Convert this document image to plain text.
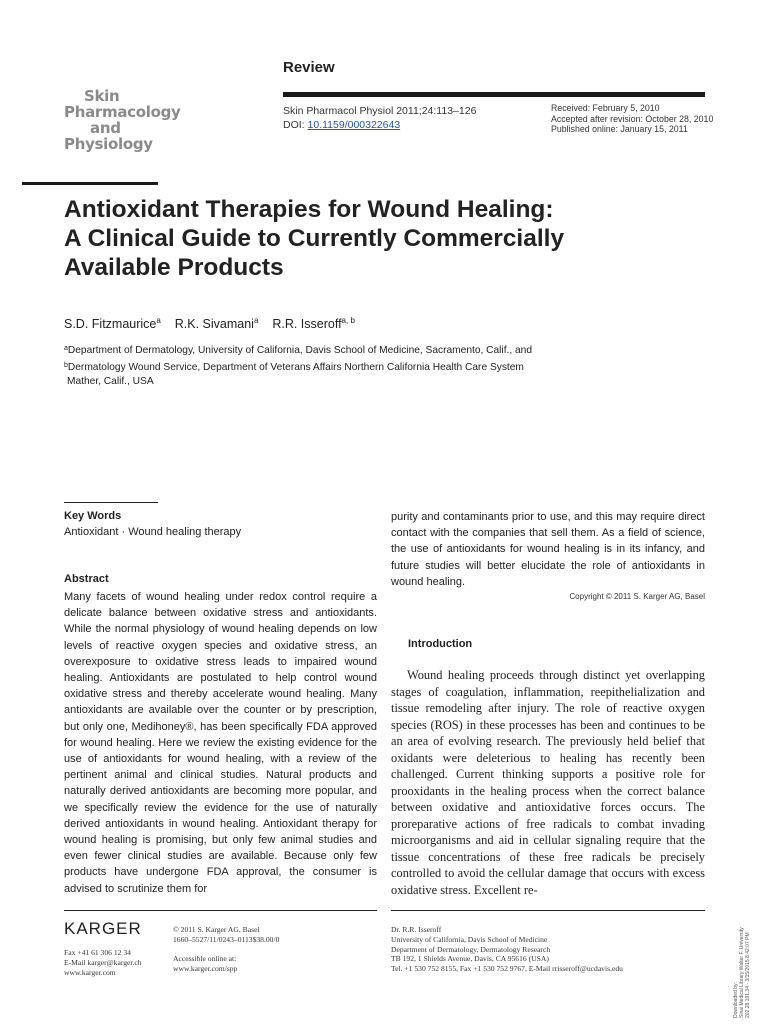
Skin
Pharmacology
and
Physiology
Review
Skin Pharmacol Physiol 2011;24:113–126
DOI: 10.1159/000322643
Received: February 5, 2010
Accepted after revision: October 28, 2010
Published online: January 15, 2011
Antioxidant Therapies for Wound Healing:
A Clinical Guide to Currently Commercially
Available Products
S.D. Fitzmaurice$^a$ R.K. Sivamani$^a$ R.R. Isseroff$^{a, b}$
$^a$Department of Dermatology, University of California, Davis School of Medicine, Sacramento, Calif., and
$^b$Dermatology Wound Service, Department of Veterans Affairs Northern California Health Care System
Mather, Calif., USA
Key Words
Antioxidant · Wound healing therapy
Abstract
Many facets of wound healing under redox control require a delicate balance between oxidative stress and antioxidants. While the normal physiology of wound healing depends on low levels of reactive oxygen species and oxidative stress, an overexposure to oxidative stress leads to impaired wound healing. Antioxidants are postulated to help control wound oxidative stress and thereby accelerate wound healing. Many antioxidants are available over the counter or by prescription, but only one, Medihoney®, has been specifically FDA approved for wound healing. Here we review the existing evidence for the use of antioxidants for wound healing, with a review of the pertinent animal and clinical studies. Natural products and naturally derived antioxidants are becoming more popular, and we specifically review the evidence for the use of naturally derived antioxidants in wound healing. Antioxidant therapy for wound healing is promising, but only few animal studies and even fewer clinical studies are available. Because only few products have undergone FDA approval, the consumer is advised to scrutinize them for
purity and contaminants prior to use, and this may require direct contact with the companies that sell them. As a field of science, the use of antioxidants for wound healing is in its infancy, and future studies will better elucidate the role of antioxidants in wound healing.
Copyright © 2011 S. Karger AG, Basel
Introduction
Wound healing proceeds through distinct yet overlapping stages of coagulation, inflammation, reepithelialization and tissue remodeling after injury. The role of reactive oxygen species (ROS) in these processes has been and continues to be an area of evolving research. The previously held belief that oxidants were deleterious to healing has recently been challenged. Current thinking supports a positive role for prooxidants in the healing process when the correct balance between oxidative and antioxidative forces occurs. The proreparative actions of free radicals to combat invading microorganisms and aid in cellular signaling require that the tissue concentrations of these free radicals be precisely controlled to avoid the cellular damage that occurs with excess oxidative stress. Excellent re-
KARGER
Fax +41 61 306 12 34
E-Mail karger@karger.ch
www.karger.com
© 2011 S. Karger AG, Basel
1660–5527/11/0243–0113$38.00/0
Accessible online at:
www.karger.com/spp
Dr. R.R. Isseroff
University of California, Davis School of Medicine
Department of Dermatology, Dermatology Research
TB 192, 1 Shields Avenue, Davis, CA 95616 (USA)
Tel. +1 530 752 8155, Fax +1 530 752 9767, E-Mail rrisseroff@ucdavis.edu
Downloaded by: Sinai Medical Library Walter F. University 202.28.191.34 - 3/15/2015 8:42:07 PM
